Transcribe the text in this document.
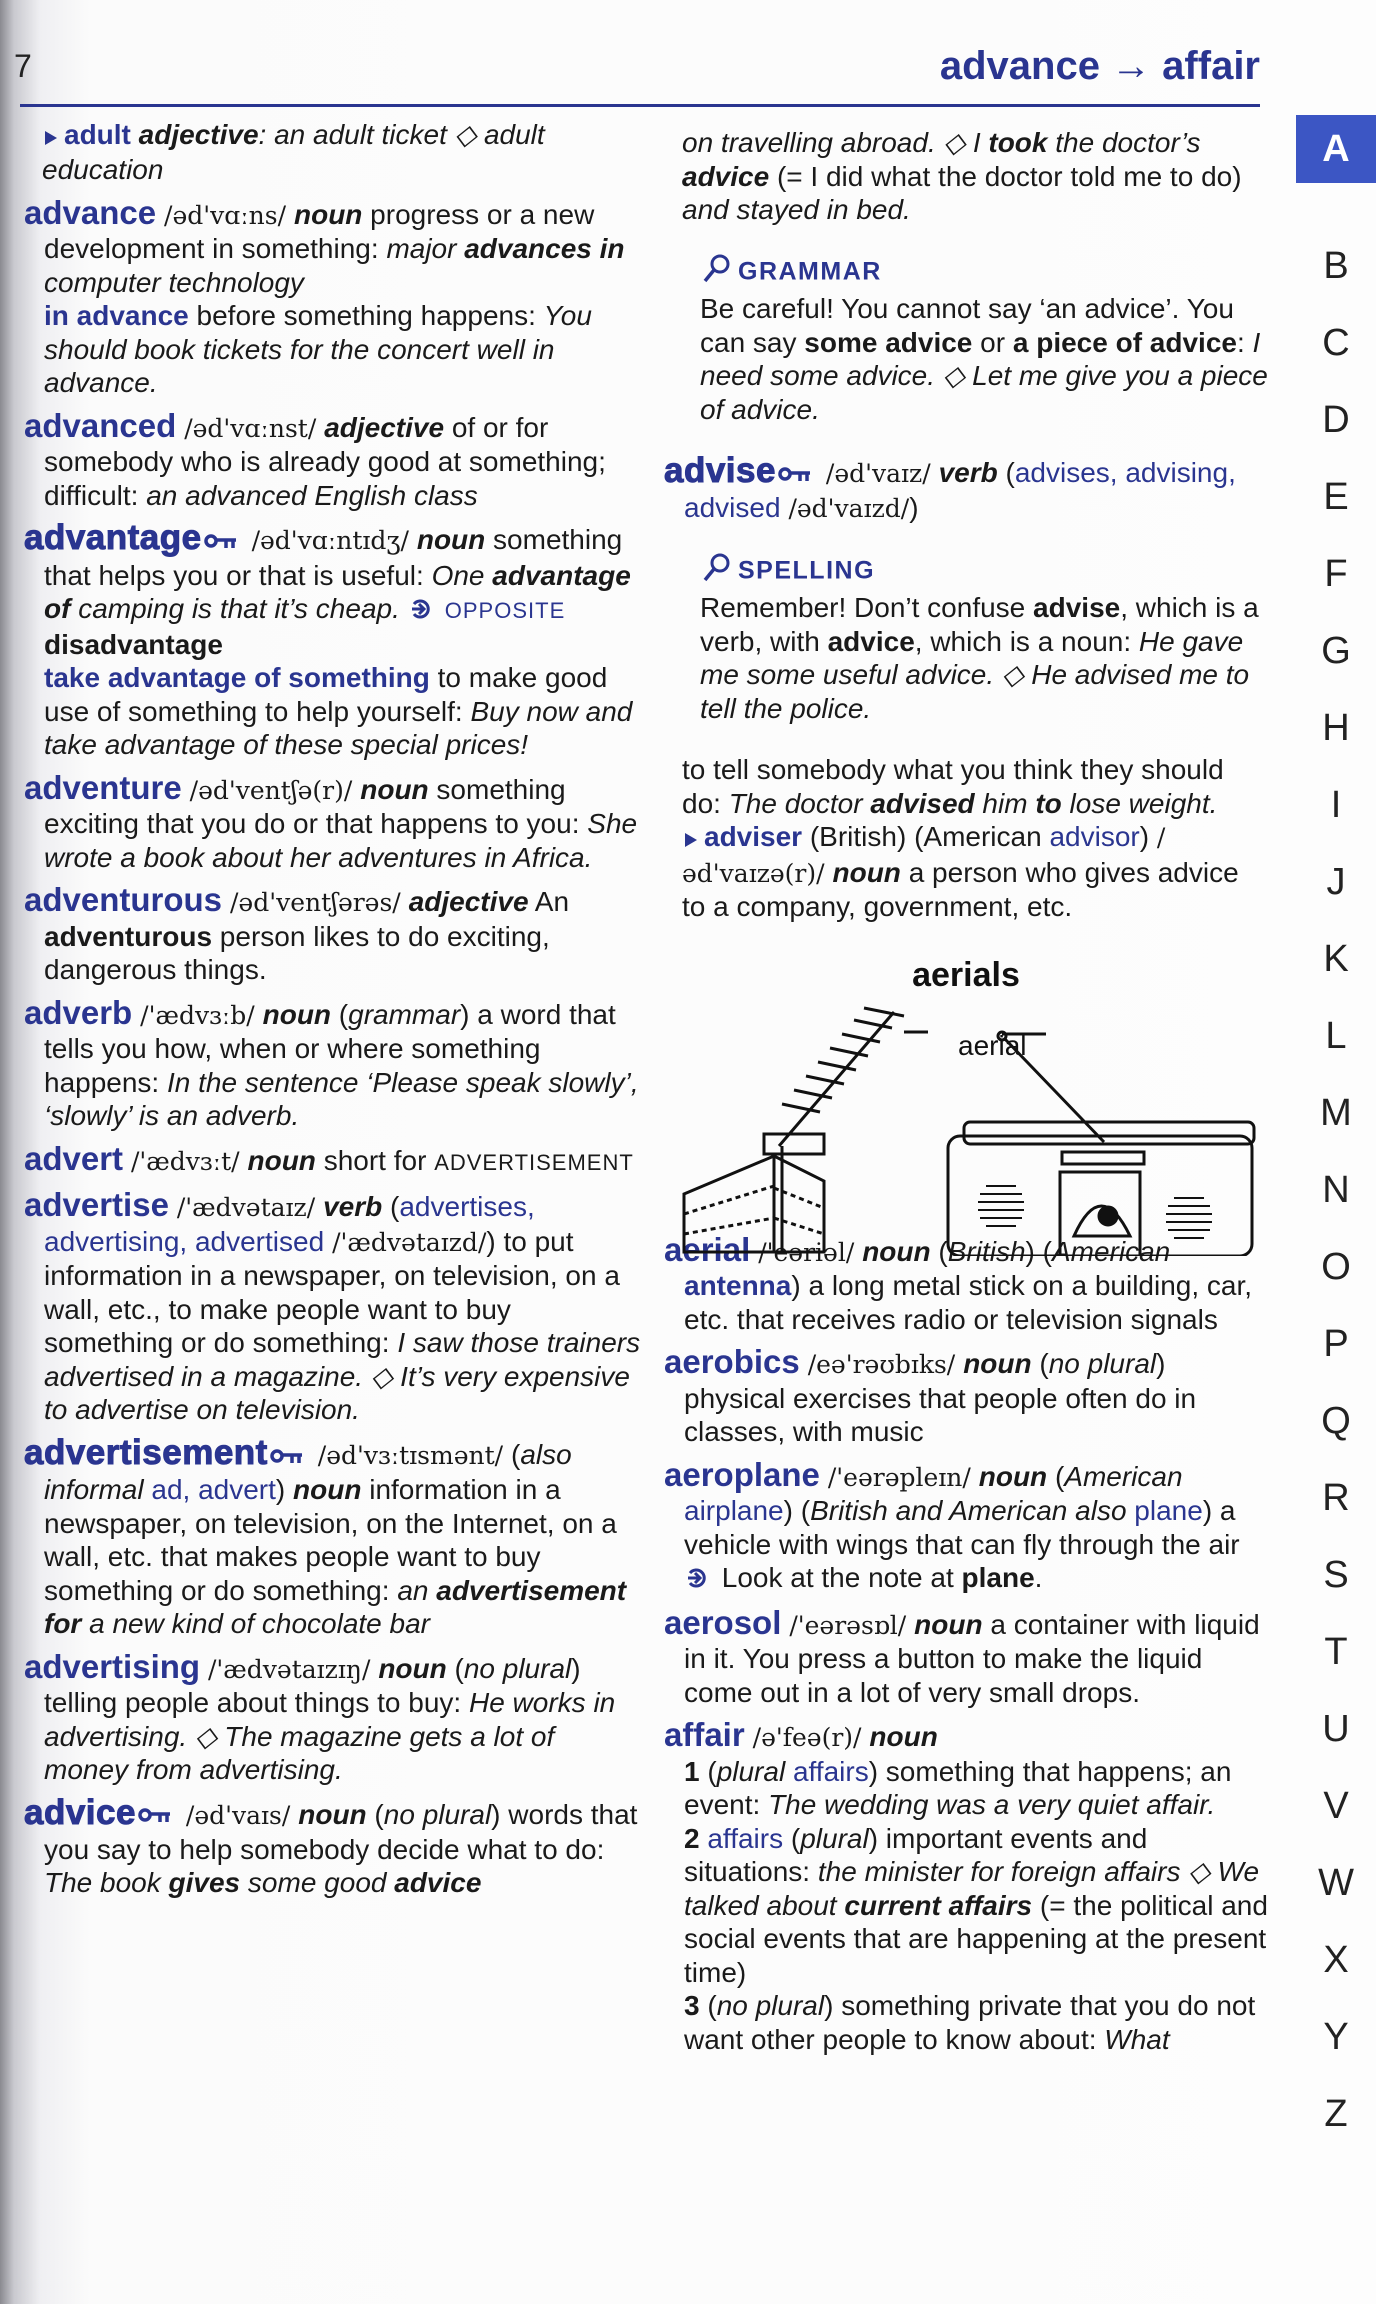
7	advance → affair

adult adjective: an adult ticket ◇ adult education

advance /əd'vɑːns/ noun progress or a new development in something: major advances in computer technology

in advance before something happens: You should book tickets for the concert well in advance.

advanced /əd'vɑːnst/ adjective of or for somebody who is already good at something; difficult: an advanced English class

advantage /əd'vɑːntɪdʒ/ noun something that helps you or that is useful: One advantage of camping is that it’s cheap.  OPPOSITE disadvantage

take advantage of something to make good use of something to help yourself: Buy now and take advantage of these special prices!

adventure /əd'ventʃə(r)/ noun something exciting that you do or that happens to you: She wrote a book about her adventures in Africa.

adventurous /əd'ventʃərəs/ adjective An adventurous person likes to do exciting, dangerous things.

adverb /'ædvɜːb/ noun (grammar) a word that tells you how, when or where something happens: In the sentence ‘Please speak slowly’, ‘slowly’ is an adverb.

advert /'ædvɜːt/ noun short for ADVERTISEMENT

advertise /'ædvətaɪz/ verb (advertises, advertising, advertised /'ædvətaɪzd/) to put information in a newspaper, on television, on a wall, etc., to make people want to buy something or do something: I saw those trainers advertised in a magazine. ◇ It’s very expensive to advertise on television.

advertisement /əd'vɜːtɪsmənt/ (also informal ad, advert) noun information in a newspaper, on television, on the Internet, on a wall, etc. that makes people want to buy something or do something: an advertisement for a new kind of chocolate bar

advertising /'ædvətaɪzɪŋ/ noun (no plural) telling people about things to buy: He works in advertising. ◇ The magazine gets a lot of money from advertising.

advice /əd'vaɪs/ noun (no plural) words that you say to help somebody decide what to do: The book gives some good advice

on travelling abroad. ◇ I took the doctor’s advice (= I did what the doctor told me to do) and stayed in bed.

GRAMMAR

Be careful! You cannot say ‘an advice’. You can say some advice or a piece of advice: I need some advice. ◇ Let me give you a piece of advice.

advise /əd'vaɪz/ verb (advises, advising, advised /əd'vaɪzd/)

SPELLING

Remember! Don’t confuse advise, which is a verb, with advice, which is a noun: He gave me some useful advice. ◇ He advised me to tell the police.

to tell somebody what you think they should do: The doctor advised him to lose weight.

adviser (British) (American advisor) /əd'vaɪzə(r)/ noun a person who gives advice to a company, government, etc.

aerial /'eəriəl/ noun (British) (American antenna) a long metal stick on a building, car, etc. that receives radio or television signals

aerobics /eə'rəʊbɪks/ noun (no plural) physical exercises that people often do in classes, with music

aeroplane /'eərəpleɪn/ noun (American airplane) (British and American also plane) a vehicle with wings that can fly through the air  Look at the note at plane.

aerosol /'eərəsɒl/ noun a container with liquid in it. You press a button to make the liquid come out in a lot of very small drops.

affair /ə'feə(r)/ noun

1 (plural affairs) something that happens; an event: The wedding was a very quiet affair.

2 affairs (plural) important events and situations: the minister for foreign affairs ◇ We talked about current affairs (= the political and social events that are happening at the present time)

3 (no plural) something private that you do not want other people to know about: What

aerials
aerial
A
B
C
D
E
F
G
H
I
J
K
L
M
N
O
P
Q
R
S
T
U
V
W
X
Y
Z
